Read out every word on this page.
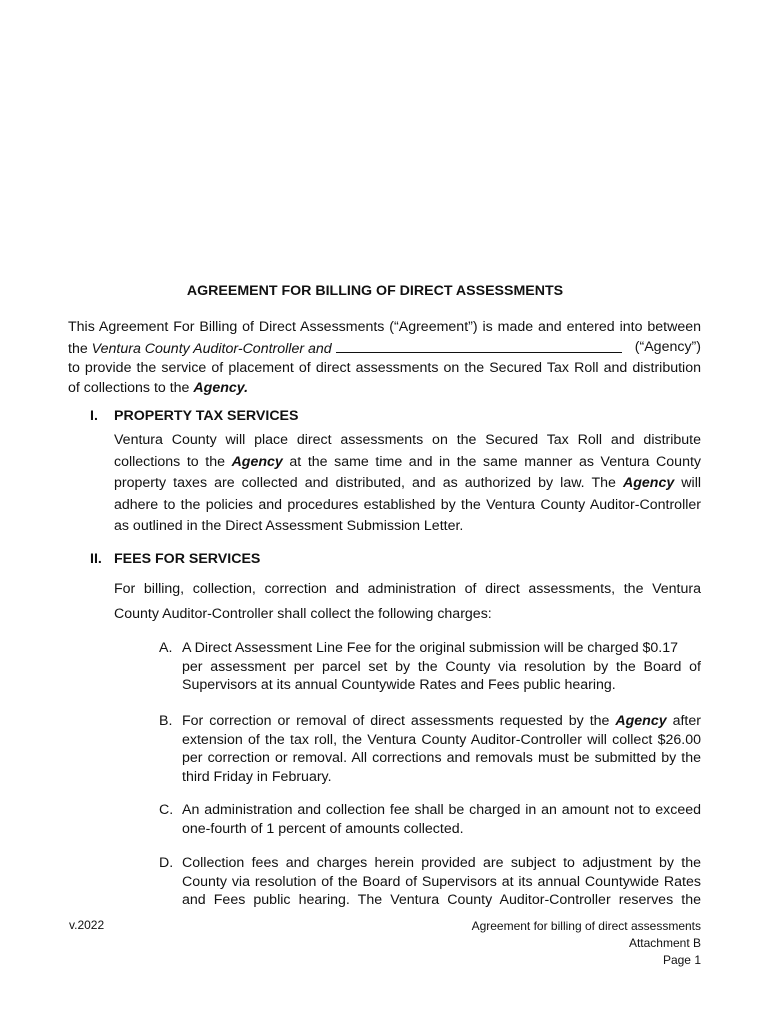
AGREEMENT FOR BILLING OF DIRECT ASSESSMENTS
This Agreement For Billing of Direct Assessments (“Agreement”) is made and entered into between
the Ventura County Auditor-Controller and	(“Agency”)
to provide the service of placement of direct assessments on the Secured Tax Roll and distribution
of collections to the Agency.
I. PROPERTY TAX SERVICES
Ventura County will place direct assessments on the Secured Tax Roll and distribute
collections to the Agency at the same time and in the same manner as Ventura County
property taxes are collected and distributed, and as authorized by law. The Agency will
adhere to the policies and procedures established by the Ventura County Auditor-Controller
as outlined in the Direct Assessment Submission Letter.
II. FEES FOR SERVICES
For billing, collection, correction and administration of direct assessments, the Ventura
County Auditor-Controller shall collect the following charges:
A. A Direct Assessment Line Fee for the original submission will be charged $0.17
per assessment per parcel set by the County via resolution by the Board of
Supervisors at its annual Countywide Rates and Fees public hearing.
B. For correction or removal of direct assessments requested by the Agency after
extension of the tax roll, the Ventura County Auditor-Controller will collect $26.00
per correction or removal. All corrections and removals must be submitted by the
third Friday in February.
C. An administration and collection fee shall be charged in an amount not to exceed
one-fourth of 1 percent of amounts collected.
D. Collection fees and charges herein provided are subject to adjustment by the
County via resolution of the Board of Supervisors at its annual Countywide Rates
and Fees public hearing. The Ventura County Auditor-Controller reserves the
v.2022	Agreement for billing of direct assessments
Attachment B
Page 1
